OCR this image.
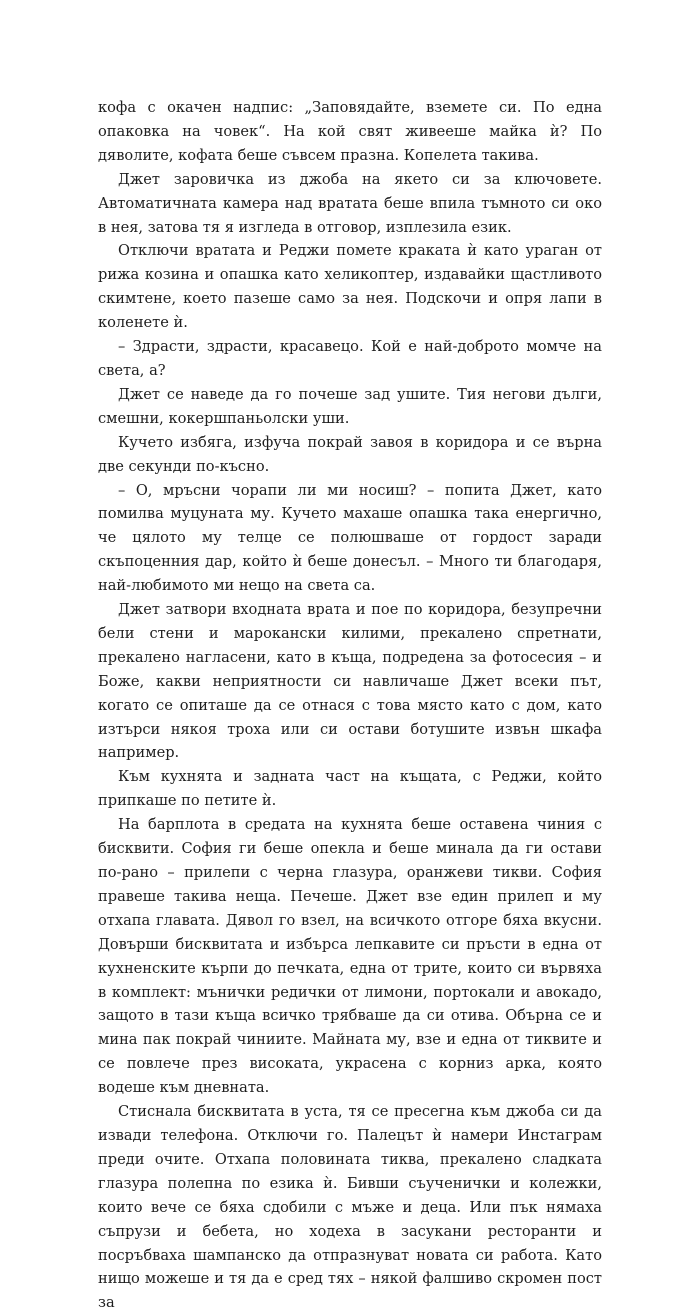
кофа с окачен надпис: „Заповядайте, вземете си. По една опаковка на човек“. На кой свят живееше майка ѝ? По дяволите, кофата беше съвсем празна. Копелета такива.

Джет заровичка из джоба на якето си за ключовете. Автоматичната камера над вратата беше впила тъмното си око в нея, затова тя я изгледа в отговор, изплезила език.

Отключи вратата и Реджи помете краката ѝ като ураган от рижа козина и опашка като хеликоптер, издавайки щастливото скимтене, което пазеше само за нея. Подскочи и опря лапи в коленете ѝ.

– Здрасти, здрасти, красавецо. Кой е най-доброто момче на света, а?

Джет се наведе да го почеше зад ушите. Тия негови дълги, смешни, кокершпаньолски уши.

Кучето избяга, изфуча покрай завоя в коридора и се върна две секунди по-късно.

– О, мръсни чорапи ли ми носиш? – попита Джет, като помилва муцуната му. Кучето махаше опашка така енергично, че цялото му телце се полюшваше от гордост заради скъпоценния дар, който ѝ беше донесъл. – Много ти благодаря, най-любимото ми нещо на света са.

Джет затвори входната врата и пое по коридора, безупречни бели стени и марокански килими, прекалено спретнати, прекалено нагласени, като в къща, подредена за фотосесия – и Боже, какви неприятности си навличаше Джет всеки път, когато се опиташе да се отнася с това място като с дом, като изтърси някоя троха или си остави ботушите извън шкафа например.

Към кухнята и задната част на къщата, с Реджи, който припкаше по петите ѝ.

На барплота в средата на кухнята беше оставена чиния с бисквити. София ги беше опекла и беше минала да ги остави по-рано – прилепи с черна глазура, оранжеви тикви. София правеше такива неща. Печеше. Джет взе един прилеп и му отхапа главата. Дявол го взел, на всичкото отгоре бяха вкусни. Довърши бисквитата и избърса лепкавите си пръсти в една от кухненските кърпи до печката, една от трите, които си вървяха в комплект: мънички редички от лимони, портокали и авокадо, защото в тази къща всичко трябваше да си отива. Обърна се и мина пак покрай чиниите. Майната му, взе и една от тиквите и се повлече през високата, украсена с корниз арка, която водеше към дневната.

Стиснала бисквитата в уста, тя се пресегна към джоба си да извади телефона. Отключи го. Палецът ѝ намери Инстаграм преди очите. Отхапа половината тиква, прекалено сладката глазура полепна по езика ѝ. Бивши съученички и колежки, които вече се бяха сдобили с мъже и деца. Или пък нямаха съпрузи и бебета, но ходеха в засукани ресторанти и посръбваха шампанско да отпразнуват новата си работа. Като нищо можеше и тя да е сред тях – някой фалшиво скромен пост за
